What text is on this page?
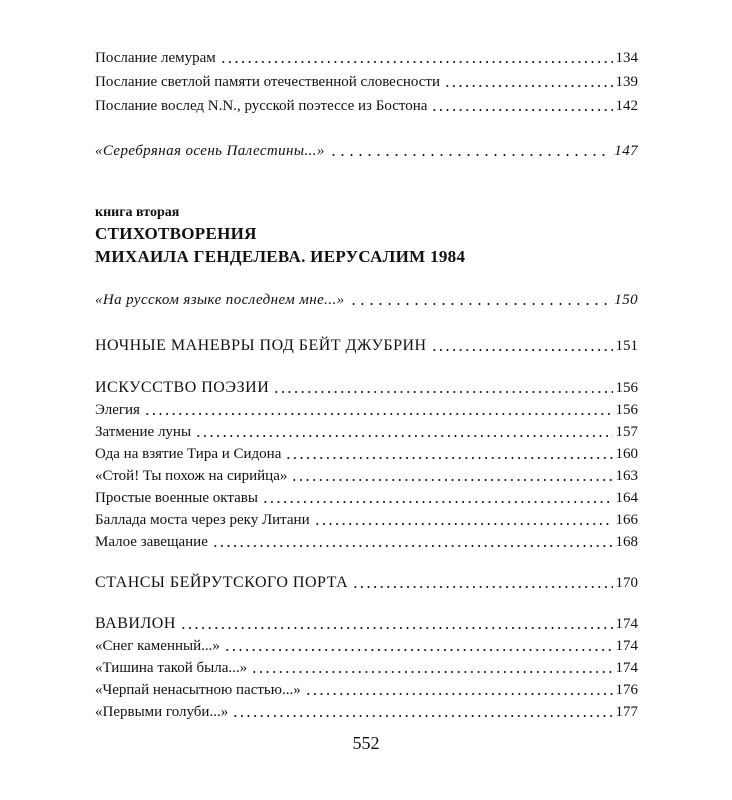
Послание лемурам	134
Послание светлой памяти отечественной словесности	139
Послание вослед N.N., русской поэтессе из Бостона	142
«Серебряная осень Палестины...»	147
книга вторая
СТИХОТВОРЕНИЯ
МИХАИЛА ГЕНДЕЛЕВА. ИЕРУСАЛИМ 1984
«На русском языке последнем мне...»	150
НОЧНЫЕ МАНЕВРЫ ПОД БЕЙТ ДЖУБРИН	151
ИСКУССТВО ПОЭЗИИ	156
Элегия	156
Затмение луны	157
Ода на взятие Тира и Сидона	160
«Стой! Ты похож на сирийца»	163
Простые военные октавы	164
Баллада моста через реку Литани	166
Малое завещание	168
СТАНСЫ БЕЙРУТСКОГО ПОРТА	170
ВАВИЛОН	174
«Снег каменный...»	174
«Тишина такой была...»	174
«Черпай ненасытною пастью...»	176
«Первыми голуби...»	177
552
